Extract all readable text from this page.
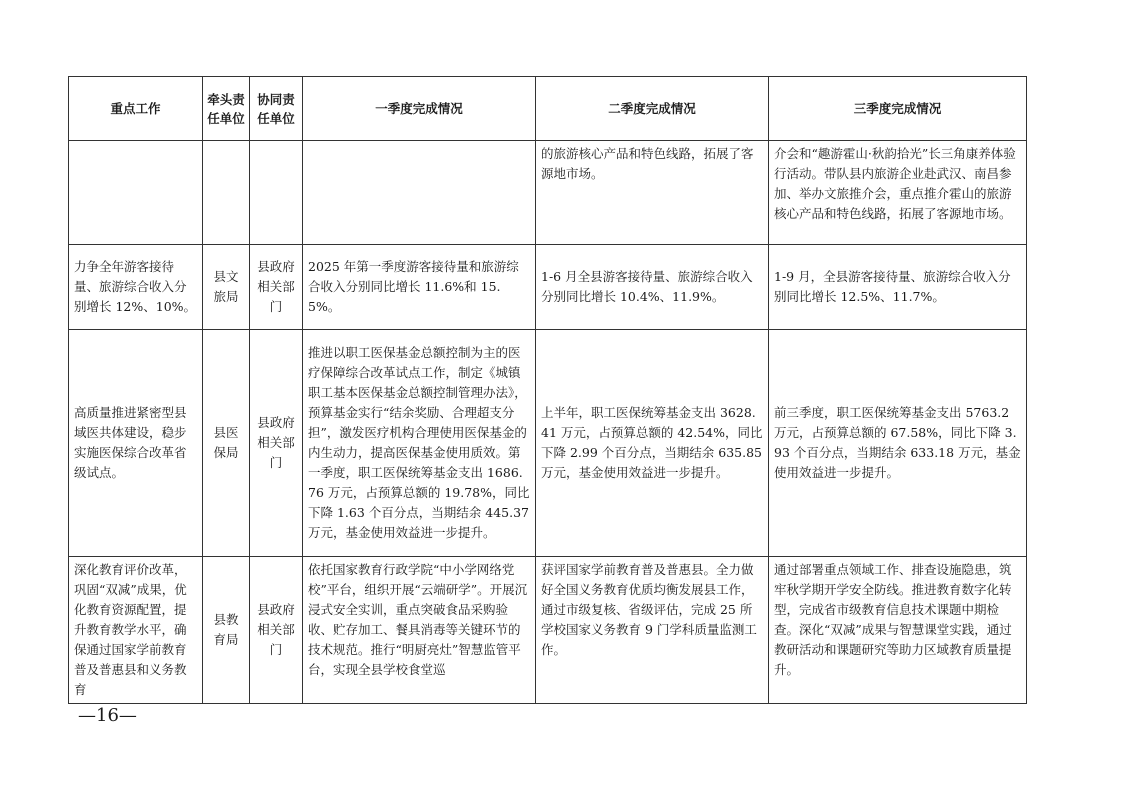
重点工作	牵头责任单位	协同责任单位	一季度完成情况	二季度完成情况	三季度完成情况
				的旅游核心产品和特色线路，拓展了客源地市场。	介会和“趣游霍山·秋韵拾光”长三角康养体验行活动。带队县内旅游企业赴武汉、南昌参加、举办文旅推介会，重点推介霍山的旅游核心产品和特色线路，拓展了客源地市场。
力争全年游客接待量、旅游综合收入分别增长 12%、10%。	县文旅局	县政府相关部门	2025 年第一季度游客接待量和旅游综合收入分别同比增长 11.6%和 15.5%。	1-6 月全县游客接待量、旅游综合收入分别同比增长 10.4%、11.9%。	1-9 月，全县游客接待量、旅游综合收入分别同比增长 12.5%、11.7%。
高质量推进紧密型县域医共体建设，稳步实施医保综合改革省级试点。	县医保局	县政府相关部门	推进以职工医保基金总额控制为主的医疗保障综合改革试点工作，制定《城镇职工基本医保基金总额控制管理办法》，预算基金实行“结余奖励、合理超支分担”，激发医疗机构合理使用医保基金的内生动力，提高医保基金使用质效。第一季度，职工医保统筹基金支出 1686.76 万元，占预算总额的 19.78%，同比下降 1.63 个百分点，当期结余 445.37 万元，基金使用效益进一步提升。	上半年，职工医保统筹基金支出 3628.41 万元，占预算总额的 42.54%，同比下降 2.99 个百分点，当期结余 635.85 万元，基金使用效益进一步提升。	前三季度，职工医保统筹基金支出 5763.2 万元，占预算总额的 67.58%，同比下降 3.93 个百分点，当期结余 633.18 万元，基金使用效益进一步提升。
深化教育评价改革，巩固“双减”成果，优化教育资源配置，提升教育教学水平，确保通过国家学前教育普及普惠县和义务教育	县教育局	县政府相关部门	依托国家教育行政学院“中小学网络党校”平台，组织开展“云端研学”。开展沉浸式安全实训，重点突破食品采购验收、贮存加工、餐具消毒等关键环节的技术规范。推行“明厨亮灶”智慧监管平台，实现全县学校食堂巡	获评国家学前教育普及普惠县。全力做好全国义务教育优质均衡发展县工作，通过市级复核、省级评估，完成 25 所学校国家义务教育 9 门学科质量监测工作。	通过部署重点领域工作、排查设施隐患，筑牢秋学期开学安全防线。推进教育数字化转型，完成省市级教育信息技术课题中期检查。深化“双减”成果与智慧课堂实践，通过教研活动和课题研究等助力区域教育质量提升。
—16—
